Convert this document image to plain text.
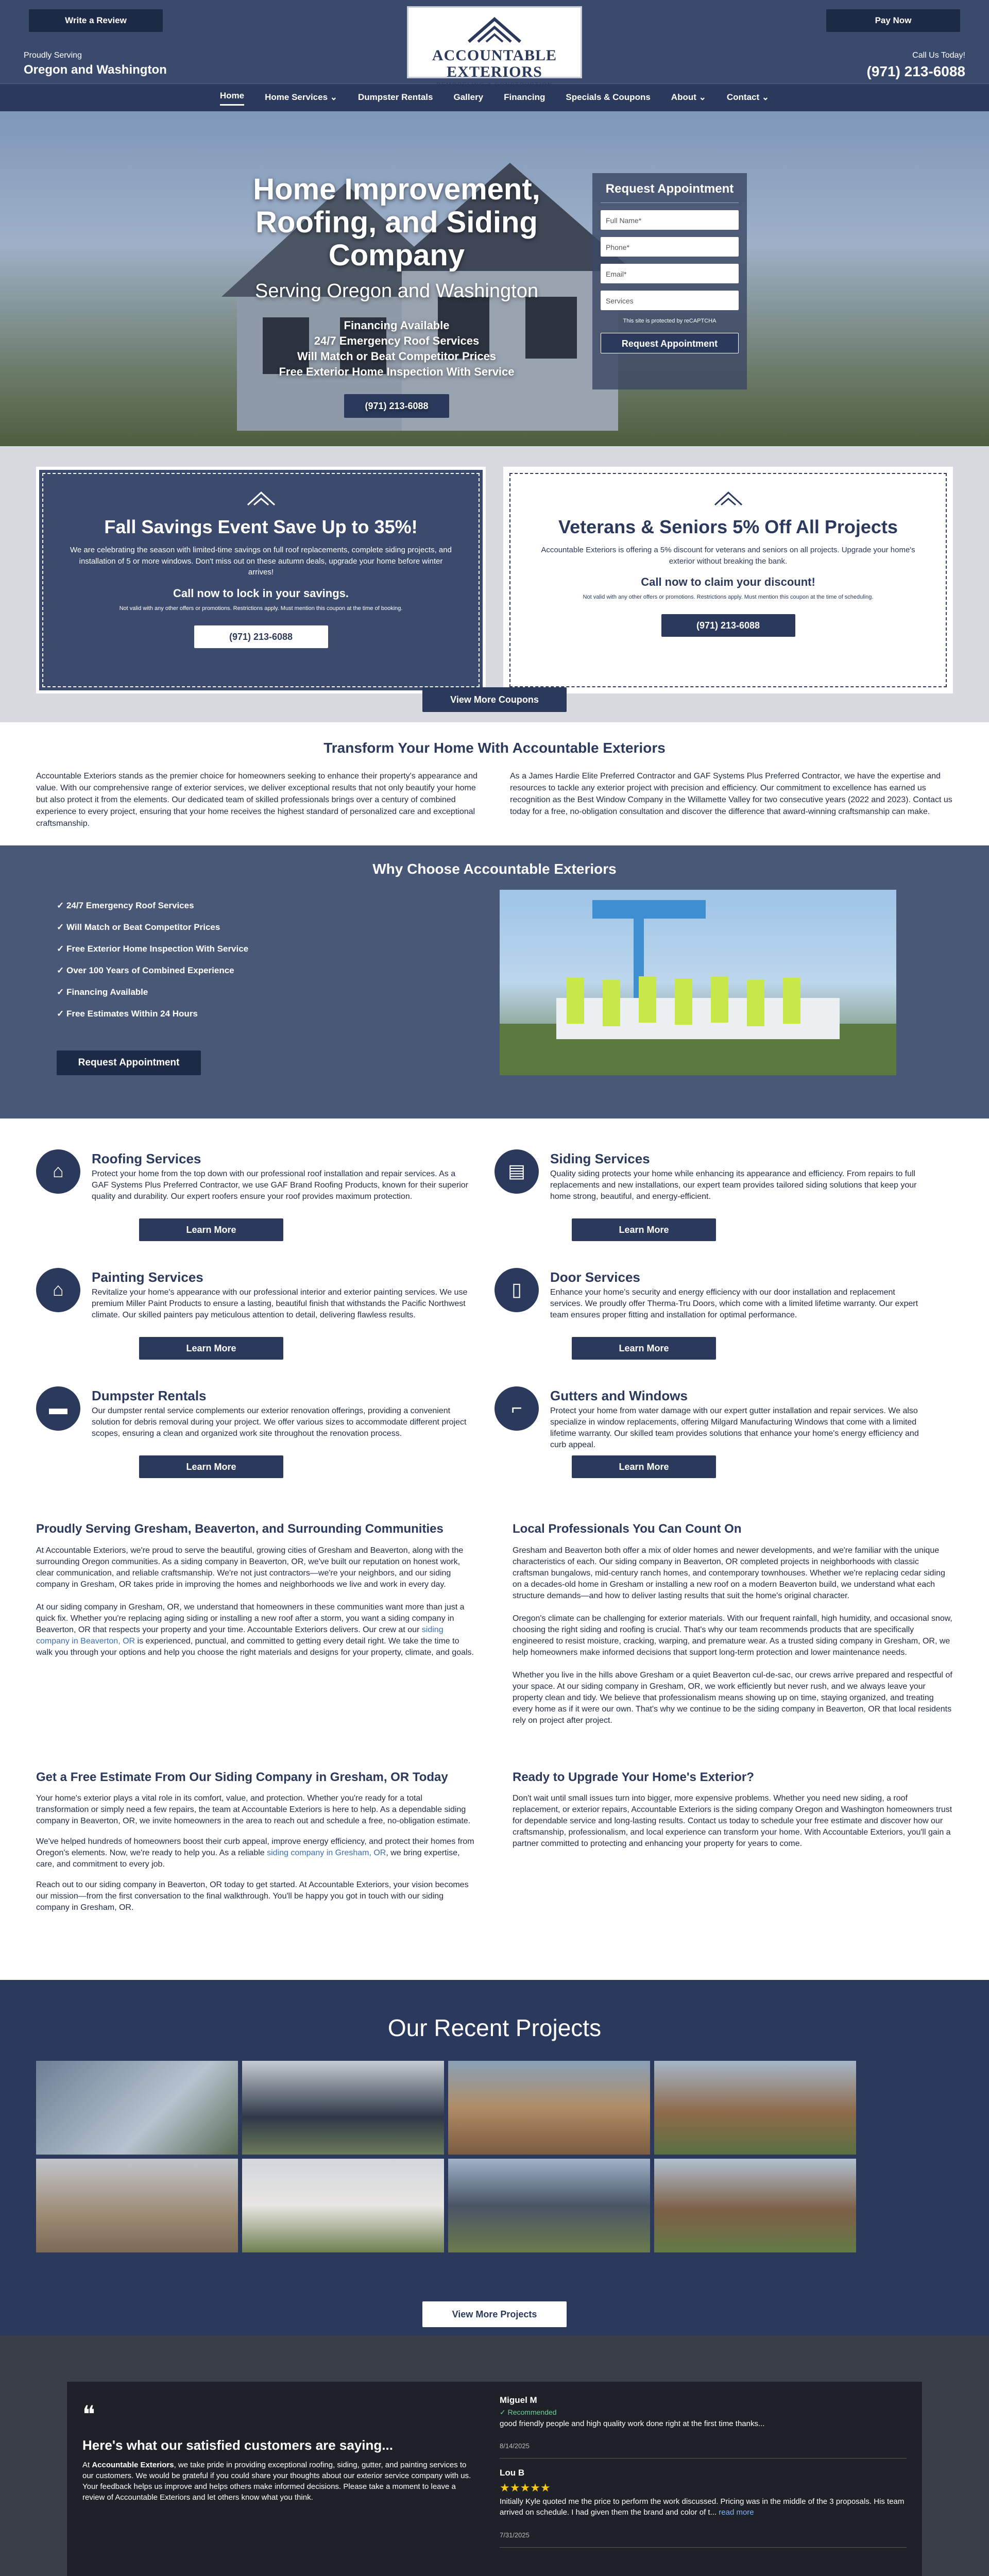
Write a Review	Pay Now
Proudly Serving
Oregon and Washington
ACCOUNTABLE EXTERIORS
REMODELING & CONSTRUCTION
Call Us Today!
(971) 213-6088
Home Home Services ⌄ Dumpster Rentals Gallery Financing Specials & Coupons About ⌄ Contact ⌄
Home Improvement, Roofing, and Siding Company
Serving Oregon and Washington
Financing Available
24/7 Emergency Roof Services
Will Match or Beat Competitor Prices
Free Exterior Home Inspection With Service
(971) 213-6088
Request Appointment
Full Name*
Phone*
Email*
Services
This site is protected by reCAPTCHA
Request Appointment
Fall Savings Event Save Up to 35%!

We are celebrating the season with limited-time savings on full roof replacements, complete siding projects, and installation of 5 or more windows. Don't miss out on these autumn deals, upgrade your home before winter arrives!

Call now to lock in your savings.
Not valid with any other offers or promotions. Restrictions apply. Must mention this coupon at the time of booking.
(971) 213-6088
Veterans & Seniors 5% Off All Projects

Accountable Exteriors is offering a 5% discount for veterans and seniors on all projects. Upgrade your home's exterior without breaking the bank.

Call now to claim your discount!
Not valid with any other offers or promotions. Restrictions apply. Must mention this coupon at the time of scheduling.
(971) 213-6088
View More Coupons
Transform Your Home With Accountable Exteriors

Accountable Exteriors stands as the premier choice for homeowners seeking to enhance their property's appearance and value. With our comprehensive range of exterior services, we deliver exceptional results that not only beautify your home but also protect it from the elements. Our dedicated team of skilled professionals brings over a century of combined experience to every project, ensuring that your home receives the highest standard of personalized care and exceptional craftsmanship.

As a James Hardie Elite Preferred Contractor and GAF Systems Plus Preferred Contractor, we have the expertise and resources to tackle any exterior project with precision and efficiency. Our commitment to excellence has earned us recognition as the Best Window Company in the Willamette Valley for two consecutive years (2022 and 2023). Contact us today for a free, no-obligation consultation and discover the difference that award-winning craftsmanship can make.

Why Choose Accountable Exteriors
✓ 24/7 Emergency Roof Services
✓ Will Match or Beat Competitor Prices
✓ Free Exterior Home Inspection With Service
✓ Over 100 Years of Combined Experience
✓ Financing Available
✓ Free Estimates Within 24 Hours
Request Appointment
⌂
Roofing Services

Protect your home from the top down with our professional roof installation and repair services. As a GAF Systems Plus Preferred Contractor, we use GAF Brand Roofing Products, known for their superior quality and durability. Our expert roofers ensure your roof provides maximum protection.

Learn More
▤
Siding Services

Quality siding protects your home while enhancing its appearance and efficiency. From repairs to full replacements and new installations, our expert team provides tailored siding solutions that keep your home strong, beautiful, and energy-efficient.

Learn More
⌂
Painting Services

Revitalize your home's appearance with our professional interior and exterior painting services. We use premium Miller Paint Products to ensure a lasting, beautiful finish that withstands the Pacific Northwest climate. Our skilled painters pay meticulous attention to detail, delivering flawless results.

Learn More
▯
Door Services

Enhance your home's security and energy efficiency with our door installation and replacement services. We proudly offer Therma-Tru Doors, which come with a limited lifetime warranty. Our expert team ensures proper fitting and installation for optimal performance.

Learn More
▬
Dumpster Rentals

Our dumpster rental service complements our exterior renovation offerings, providing a convenient solution for debris removal during your project. We offer various sizes to accommodate different project scopes, ensuring a clean and organized work site throughout the renovation process.

Learn More
⌐
Gutters and Windows

Protect your home from water damage with our expert gutter installation and repair services. We also specialize in window replacements, offering Milgard Manufacturing Windows that come with a limited lifetime warranty. Our skilled team provides solutions that enhance your home's energy efficiency and curb appeal.

Learn More
Proudly Serving Gresham, Beaverton, and Surrounding Communities

At Accountable Exteriors, we're proud to serve the beautiful, growing cities of Gresham and Beaverton, along with the surrounding Oregon communities. As a siding company in Beaverton, OR, we've built our reputation on honest work, clear communication, and reliable craftsmanship. We're not just contractors—we're your neighbors, and our siding company in Gresham, OR takes pride in improving the homes and neighborhoods we live and work in every day.

At our siding company in Gresham, OR, we understand that homeowners in these communities want more than just a quick fix. Whether you're replacing aging siding or installing a new roof after a storm, you want a siding company in Beaverton, OR that respects your property and your time. Accountable Exteriors delivers. Our crew at our siding company in Beaverton, OR is experienced, punctual, and committed to getting every detail right. We take the time to walk you through your options and help you choose the right materials and designs for your property, climate, and goals.

Local Professionals You Can Count On

Gresham and Beaverton both offer a mix of older homes and newer developments, and we're familiar with the unique characteristics of each. Our siding company in Beaverton, OR completed projects in neighborhoods with classic craftsman bungalows, mid-century ranch homes, and contemporary townhouses. Whether we're replacing cedar siding on a decades-old home in Gresham or installing a new roof on a modern Beaverton build, we understand what each structure demands—and how to deliver lasting results that suit the home's original character.

Oregon's climate can be challenging for exterior materials. With our frequent rainfall, high humidity, and occasional snow, choosing the right siding and roofing is crucial. That's why our team recommends products that are specifically engineered to resist moisture, cracking, warping, and premature wear. As a trusted siding company in Gresham, OR, we help homeowners make informed decisions that support long-term protection and lower maintenance needs.

Whether you live in the hills above Gresham or a quiet Beaverton cul-de-sac, our crews arrive prepared and respectful of your space. At our siding company in Gresham, OR, we work efficiently but never rush, and we always leave your property clean and tidy. We believe that professionalism means showing up on time, staying organized, and treating every home as if it were our own. That's why we continue to be the siding company in Beaverton, OR that local residents rely on project after project.

Get a Free Estimate From Our Siding Company in Gresham, OR Today

Your home's exterior plays a vital role in its comfort, value, and protection. Whether you're ready for a total transformation or simply need a few repairs, the team at Accountable Exteriors is here to help. As a dependable siding company in Beaverton, OR, we invite homeowners in the area to reach out and schedule a free, no-obligation estimate.

We've helped hundreds of homeowners boost their curb appeal, improve energy efficiency, and protect their homes from Oregon's elements. Now, we're ready to help you. As a reliable siding company in Gresham, OR, we bring expertise, care, and commitment to every job.

Reach out to our siding company in Beaverton, OR today to get started. At Accountable Exteriors, your vision becomes our mission—from the first conversation to the final walkthrough. You'll be happy you got in touch with our siding company in Gresham, OR.

Ready to Upgrade Your Home's Exterior?

Don't wait until small issues turn into bigger, more expensive problems. Whether you need new siding, a roof replacement, or exterior repairs, Accountable Exteriors is the siding company Oregon and Washington homeowners trust for dependable service and long-lasting results. Contact us today to schedule your free estimate and discover how our craftsmanship, professionalism, and local experience can transform your home. With Accountable Exteriors, you'll gain a partner committed to protecting and enhancing your property for years to come.

Our Recent Projects
View More Projects
❝
Here's what our satisfied customers are saying...

At Accountable Exteriors, we take pride in providing exceptional roofing, siding, gutter, and painting services to our customers. We would be grateful if you could share your thoughts about our exterior service company with us. Your feedback helps us improve and helps others make informed decisions. Please take a moment to leave a review of Accountable Exteriors and let others know what you think.

Miguel M
✓ Recommended
good friendly people and high quality work done right at the first time thanks...

8/14/2025
Lou B
★★★★★
Initially Kyle quoted me the price to perform the work discussed. Pricing was in the middle of the 3 proposals. His team arrived on schedule. I had given them the brand and color of t... read more

7/31/2025
